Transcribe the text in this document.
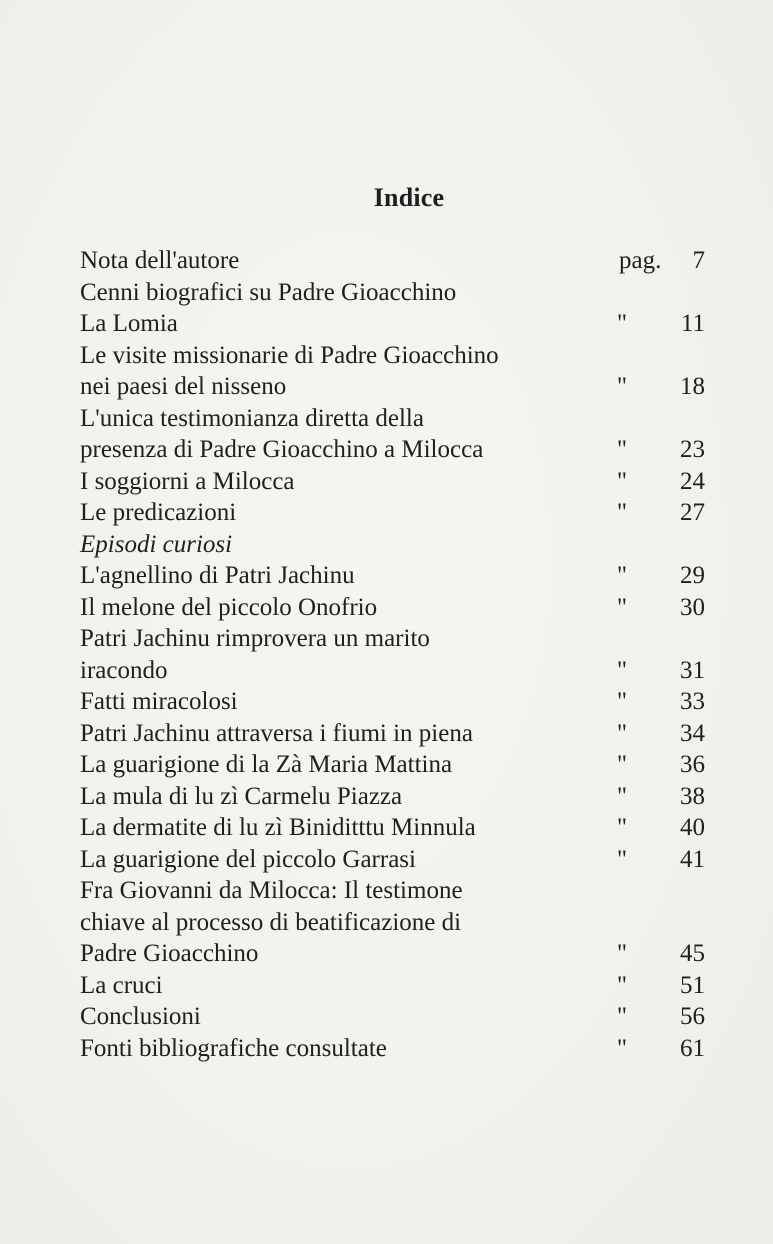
Indice
Nota dell'autore	pag. 7
Cenni biografici su Padre Gioacchino
La Lomia	" 11
Le visite missionarie di Padre Gioacchino
nei paesi del nisseno	" 18
L'unica testimonianza diretta della
presenza di Padre Gioacchino a Milocca	" 23
I soggiorni a Milocca	" 24
Le predicazioni	" 27
Episodi curiosi
L'agnellino di Patri Jachinu	" 29
Il melone del piccolo Onofrio	" 30
Patri Jachinu rimprovera un marito
iracondo	" 31
Fatti miracolosi	" 33
Patri Jachinu attraversa i fiumi in piena	" 34
La guarigione di la Zà Maria Mattina	" 36
La mula di lu zì Carmelu Piazza	" 38
La dermatite di lu zì Biniditttu Minnula	" 40
La guarigione del piccolo Garrasi	" 41
Fra Giovanni da Milocca: Il testimone
chiave al processo di beatificazione di
Padre Gioacchino	" 45
La cruci	" 51
Conclusioni	" 56
Fonti bibliografiche consultate	" 61
